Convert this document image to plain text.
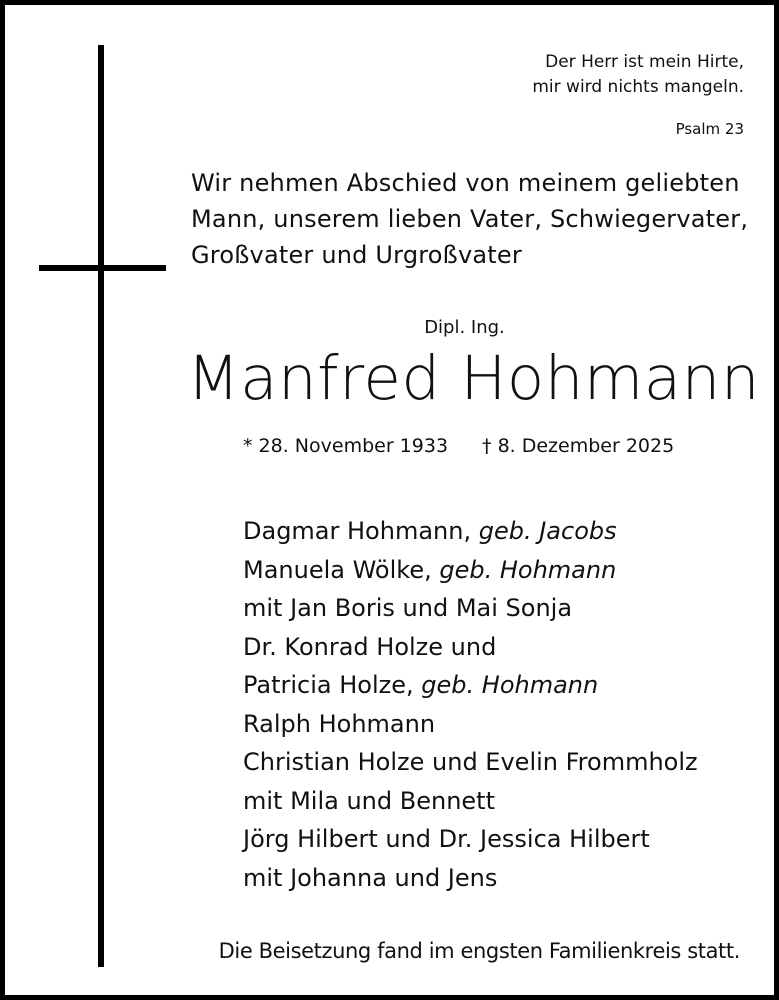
Der Herr ist mein Hirte,
mir wird nichts mangeln.
Psalm 23
Wir nehmen Abschied von meinem geliebten
Mann, unserem lieben Vater, Schwiegervater,
Großvater und Urgroßvater
Dipl. Ing.
Manfred Hohmann
* 28. November 1933 † 8. Dezember 2025
Dagmar Hohmann, geb. Jacobs
Manuela Wölke, geb. Hohmann
mit Jan Boris und Mai Sonja
Dr. Konrad Holze und
Patricia Holze, geb. Hohmann
Ralph Hohmann
Christian Holze und Evelin Frommholz
mit Mila und Bennett
Jörg Hilbert und Dr. Jessica Hilbert
mit Johanna und Jens
Die Beisetzung fand im engsten Familienkreis statt.
